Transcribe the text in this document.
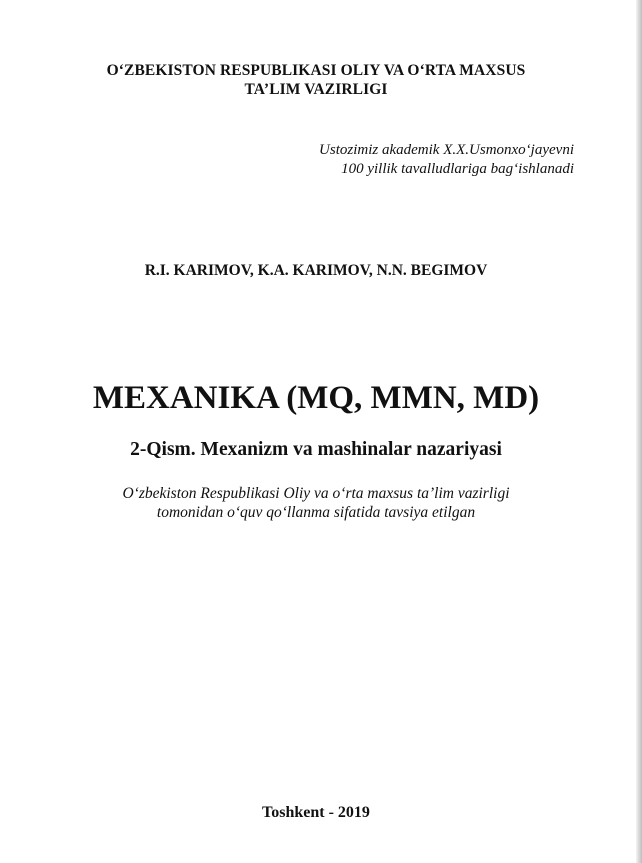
O‘ZBEKISTON RESPUBLIKASI OLIY VA O‘RTA MAXSUS
TA’LIM VAZIRLIGI
Ustozimiz akademik X.X.Usmonxo‘jayevni
100 yillik tavalludlariga bag‘ishlanadi
R.I. KARIMOV, K.A. KARIMOV, N.N. BEGIMOV
MEXANIKA (MQ, MMN, MD)
2-Qism. Mexanizm va mashinalar nazariyasi
O‘zbekiston Respublikasi Oliy va o‘rta maxsus ta’lim vazirligi
tomonidan o‘quv qo‘llanma sifatida tavsiya etilgan
Toshkent - 2019
